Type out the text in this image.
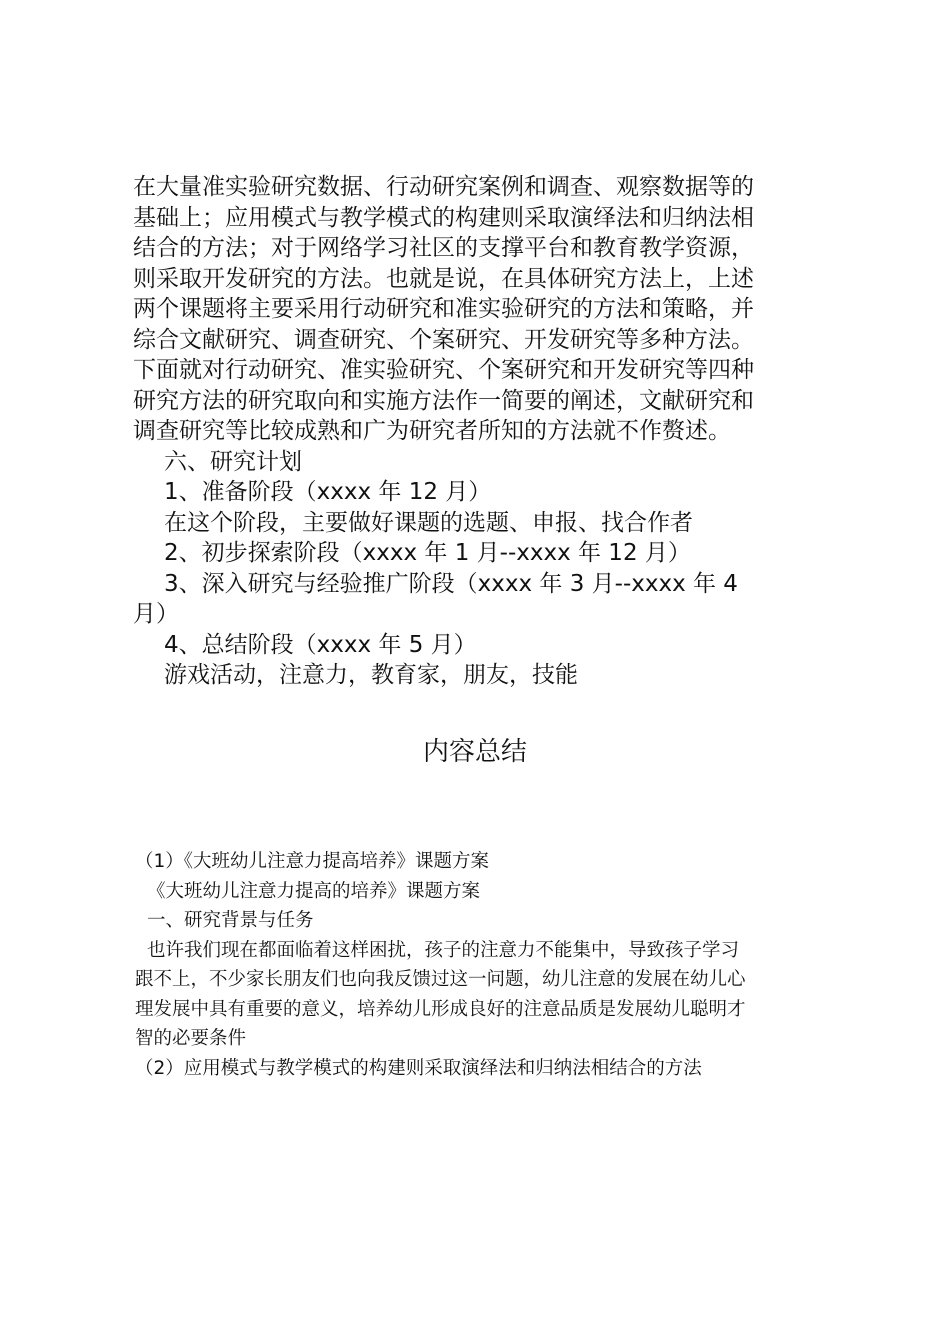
在大量准实验研究数据、行动研究案例和调查、观察数据等的

基础上；应用模式与教学模式的构建则采取演绎法和归纳法相

结合的方法；对于网络学习社区的支撑平台和教育教学资源，

则采取开发研究的方法。也就是说，在具体研究方法上，上述

两个课题将主要采用行动研究和准实验研究的方法和策略，并

综合文献研究、调查研究、个案研究、开发研究等多种方法。

下面就对行动研究、准实验研究、个案研究和开发研究等四种

研究方法的研究取向和实施方法作一简要的阐述，文献研究和

调查研究等比较成熟和广为研究者所知的方法就不作赘述。

六、研究计划

1、准备阶段（xxxx 年 12 月）

在这个阶段，主要做好课题的选题、申报、找合作者

2、初步探索阶段（xxxx 年 1 月--xxxx 年 12 月）

3、深入研究与经验推广阶段（xxxx 年 3 月--xxxx 年 4

月）

4、总结阶段（xxxx 年 5 月）

游戏活动，注意力，教育家，朋友，技能

内容总结

（1）《大班幼儿注意力提高培养》课题方案

《大班幼儿注意力提高的培养》课题方案

一、研究背景与任务

也许我们现在都面临着这样困扰，孩子的注意力不能集中，导致孩子学习

跟不上，不少家长朋友们也向我反馈过这一问题，幼儿注意的发展在幼儿心

理发展中具有重要的意义，培养幼儿形成良好的注意品质是发展幼儿聪明才

智的必要条件

（2）应用模式与教学模式的构建则采取演绎法和归纳法相结合的方法
